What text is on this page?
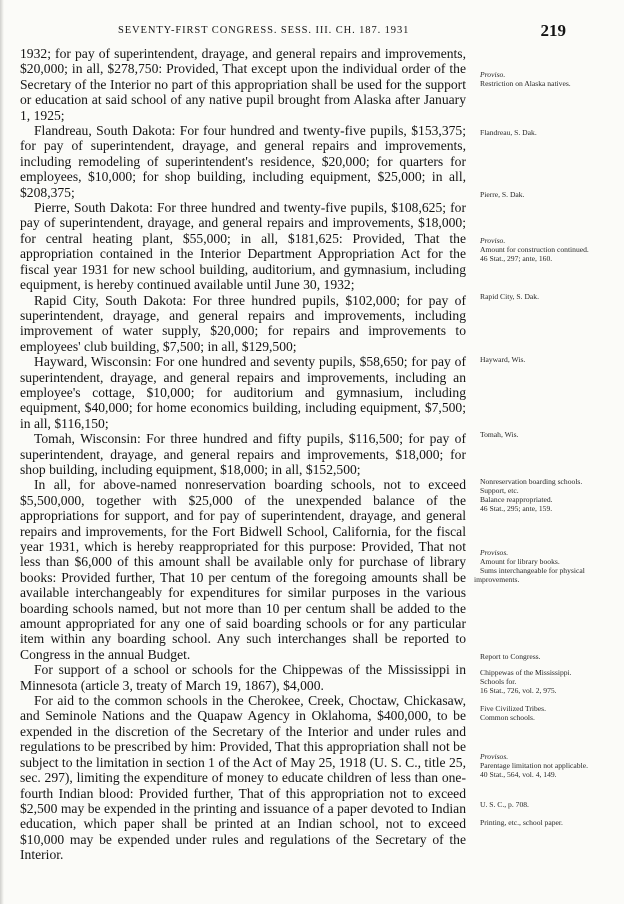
SEVENTY-FIRST CONGRESS. SESS. III. CH. 187. 1931	219

1932; for pay of superintendent, drayage, and general repairs and improvements, $20,000; in all, $278,750: Provided, That except upon the individual order of the Secretary of the Interior no part of this appropriation shall be used for the support or education at said school of any native pupil brought from Alaska after January 1, 1925;

Flandreau, South Dakota: For four hundred and twenty-five pupils, $153,375; for pay of superintendent, drayage, and general repairs and improvements, including remodeling of superintendent's residence, $20,000; for quarters for employees, $10,000; for shop building, including equipment, $25,000; in all, $208,375;

Pierre, South Dakota: For three hundred and twenty-five pupils, $108,625; for pay of superintendent, drayage, and general repairs and improvements, $18,000; for central heating plant, $55,000; in all, $181,625: Provided, That the appropriation contained in the Interior Department Appropriation Act for the fiscal year 1931 for new school building, auditorium, and gymnasium, including equipment, is hereby continued available until June 30, 1932;

Rapid City, South Dakota: For three hundred pupils, $102,000; for pay of superintendent, drayage, and general repairs and improvements, including improvement of water supply, $20,000; for repairs and improvements to employees' club building, $7,500; in all, $129,500;

Hayward, Wisconsin: For one hundred and seventy pupils, $58,650; for pay of superintendent, drayage, and general repairs and improvements, including an employee's cottage, $10,000; for auditorium and gymnasium, including equipment, $40,000; for home economics building, including equipment, $7,500; in all, $116,150;

Tomah, Wisconsin: For three hundred and fifty pupils, $116,500; for pay of superintendent, drayage, and general repairs and improvements, $18,000; for shop building, including equipment, $18,000; in all, $152,500;

In all, for above-named nonreservation boarding schools, not to exceed $5,500,000, together with $25,000 of the unexpended balance of the appropriations for support, and for pay of superintendent, drayage, and general repairs and improvements, for the Fort Bidwell School, California, for the fiscal year 1931, which is hereby reappropriated for this purpose: Provided, That not less than $6,000 of this amount shall be available only for purchase of library books: Provided further, That 10 per centum of the foregoing amounts shall be available interchangeably for expenditures for similar purposes in the various boarding schools named, but not more than 10 per centum shall be added to the amount appropriated for any one of said boarding schools or for any particular item within any boarding school. Any such interchanges shall be reported to Congress in the annual Budget.

For support of a school or schools for the Chippewas of the Mississippi in Minnesota (article 3, treaty of March 19, 1867), $4,000.

For aid to the common schools in the Cherokee, Creek, Choctaw, Chickasaw, and Seminole Nations and the Quapaw Agency in Oklahoma, $400,000, to be expended in the discretion of the Secretary of the Interior and under rules and regulations to be prescribed by him: Provided, That this appropriation shall not be subject to the limitation in section 1 of the Act of May 25, 1918 (U. S. C., title 25, sec. 297), limiting the expenditure of money to educate children of less than one-fourth Indian blood: Provided further, That of this appropriation not to exceed $2,500 may be expended in the printing and issuance of a paper devoted to Indian education, which paper shall be printed at an Indian school, not to exceed $10,000 may be expended under rules and regulations of the Secretary of the Interior.

Proviso.
Restriction on Alaska natives.
Flandreau, S. Dak.
Pierre, S. Dak.
Proviso.
Amount for construction continued.
46 Stat., 297; ante, 160.
Rapid City, S. Dak.
Hayward, Wis.
Tomah, Wis.
Nonreservation boarding schools.
Support, etc.
Balance reappropriated.
46 Stat., 295; ante, 159.
Provisos.
Amount for library books.
Sums interchangeable for physical improvements.
Report to Congress.
Chippewas of the Mississippi.
Schools for.
16 Stat., 726, vol. 2, 975.
Five Civilized Tribes.
Common schools.
Provisos.
Parentage limitation not applicable.
40 Stat., 564, vol. 4, 149.
U. S. C., p. 708.
Printing, etc., school paper.
